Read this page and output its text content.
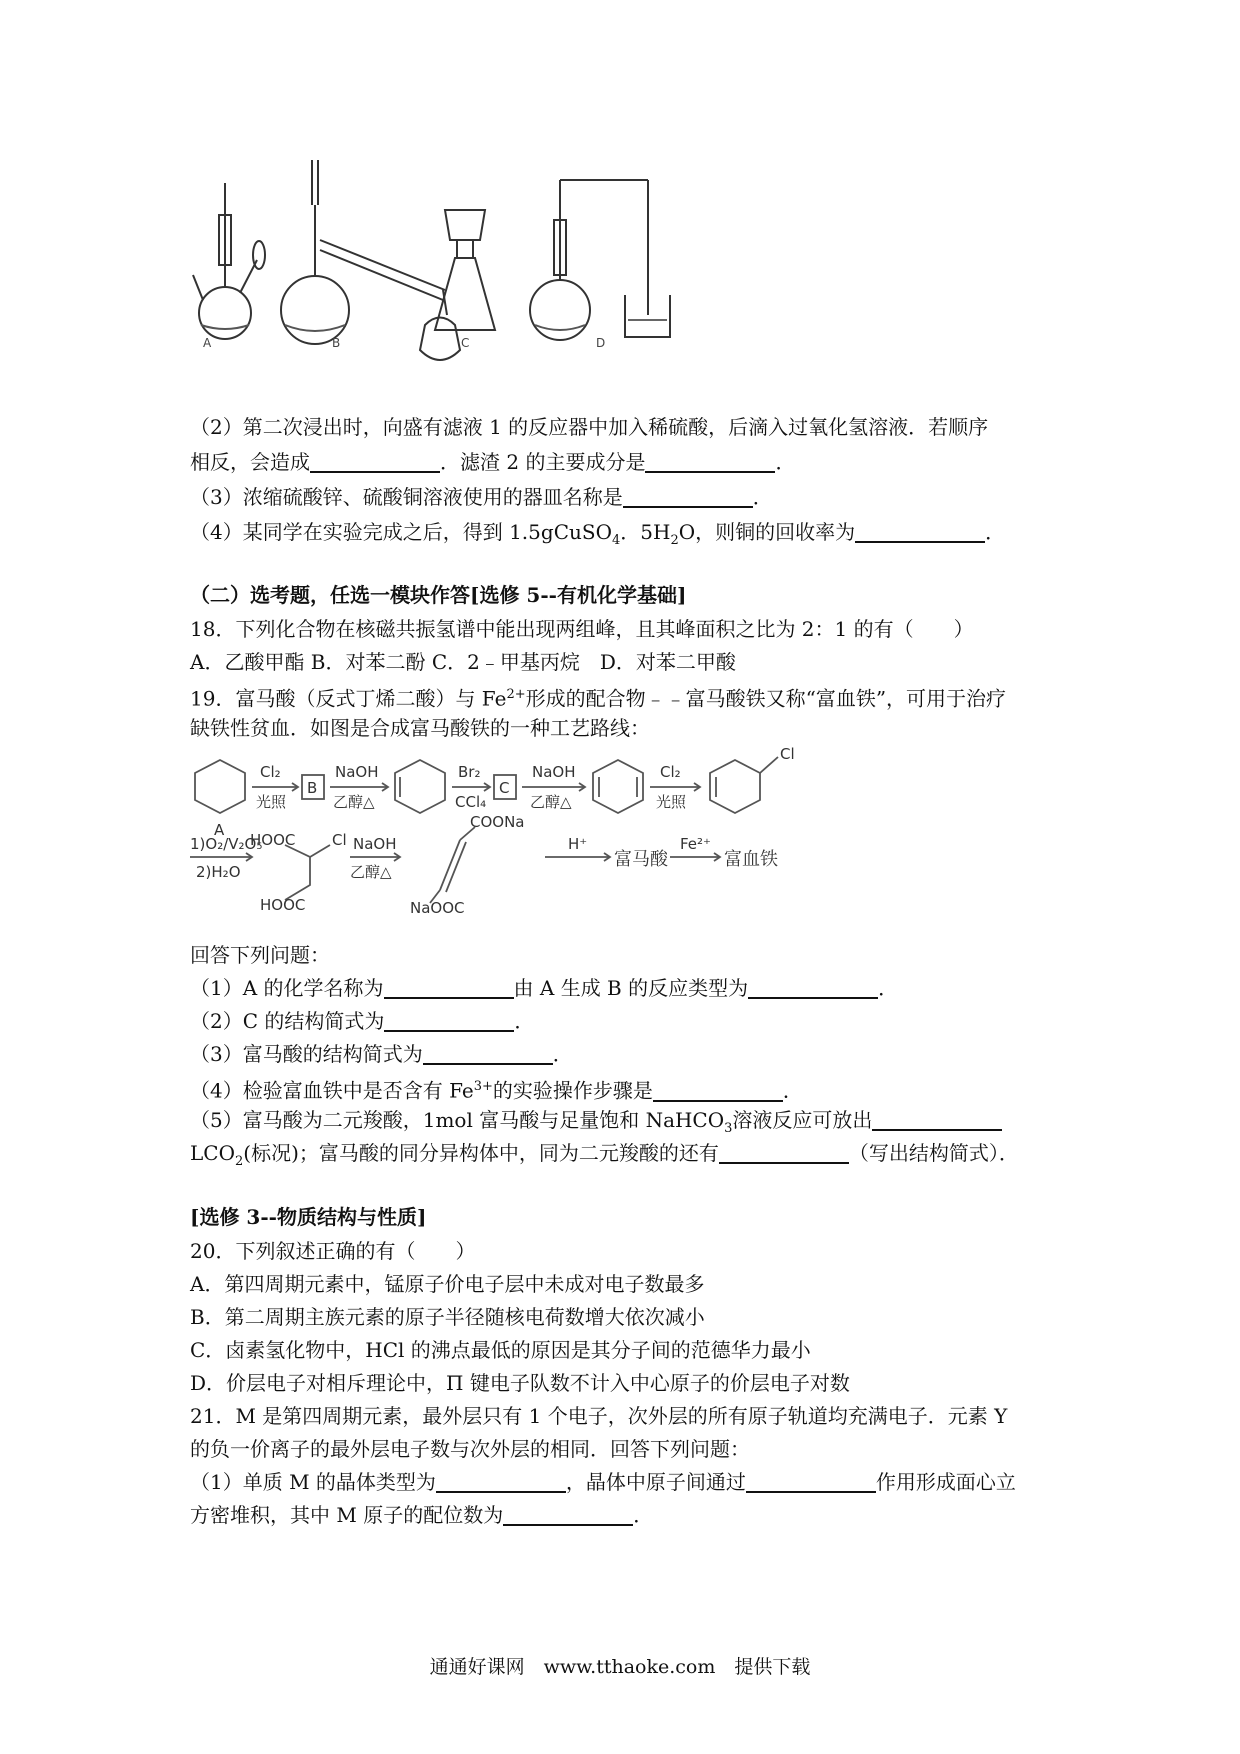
A	B	C	D
（2）第二次浸出时，向盛有滤液 1 的反应器中加入稀硫酸，后滴入过氧化氢溶液．若顺序
相反，会造成	．滤渣 2 的主要成分是	．
（3）浓缩硫酸锌、硫酸铜溶液使用的器皿名称是	．
（4）某同学在实验完成之后，得到 1.5gCuSO$_4$．$5H_2O$，则铜的回收率为	．
（二）选考题，任选一模块作答[选修 5--有机化学基础]
18．下列化合物在核磁共振氢谱中能出现两组峰，且其峰面积之比为 2：1 的有（　　）
A．乙酸甲酯 B．对苯二酚 C．2﹣甲基丙烷　D．对苯二甲酸
19．富马酸（反式丁烯二酸）与 $Fe^{2+}$形成的配合物﹣﹣富马酸铁又称“富血铁”，可用于治疗
缺铁性贫血．如图是合成富马酸铁的一种工艺路线：
Cl₂
光照
B
NaOH
乙醇△
Br₂
CCl₄
C
NaOH
乙醇△
Cl₂
光照
A
Cl
1)O₂/V₂O₅
2)H₂O
HOOC
HOOC
Cl NaOH
乙醇△
COONa
NaOOC
H⁺
富马酸
Fe²⁺
富血铁
回答下列问题：
（1）A 的化学名称为	由 A 生成 B 的反应类型为	．
（2）C 的结构简式为	．
（3）富马酸的结构简式为	．
（4）检验富血铁中是否含有 $Fe^{3+}$的实验操作步骤是	．
（5）富马酸为二元羧酸，1mol 富马酸与足量饱和 NaHCO$_3$溶液反应可放出
$LCO_2$(标况)；富马酸的同分异构体中，同为二元羧酸的还有	（写出结构简式）．
[选修 3--物质结构与性质]
20．下列叙述正确的有（　　）
A．第四周期元素中，锰原子价电子层中未成对电子数最多
B．第二周期主族元素的原子半径随核电荷数增大依次减小
C．卤素氢化物中，HCl 的沸点最低的原因是其分子间的范德华力最小
D．价层电子对相斥理论中，Π 键电子队数不计入中心原子的价层电子对数
21．M 是第四周期元素，最外层只有 1 个电子，次外层的所有原子轨道均充满电子．元素 Y
的负一价离子的最外层电子数与次外层的相同．回答下列问题：
（1）单质 M 的晶体类型为	，晶体中原子间通过	作用形成面心立
方密堆积，其中 M 原子的配位数为	．
通通好课网　www.tthaoke.com　提供下载
